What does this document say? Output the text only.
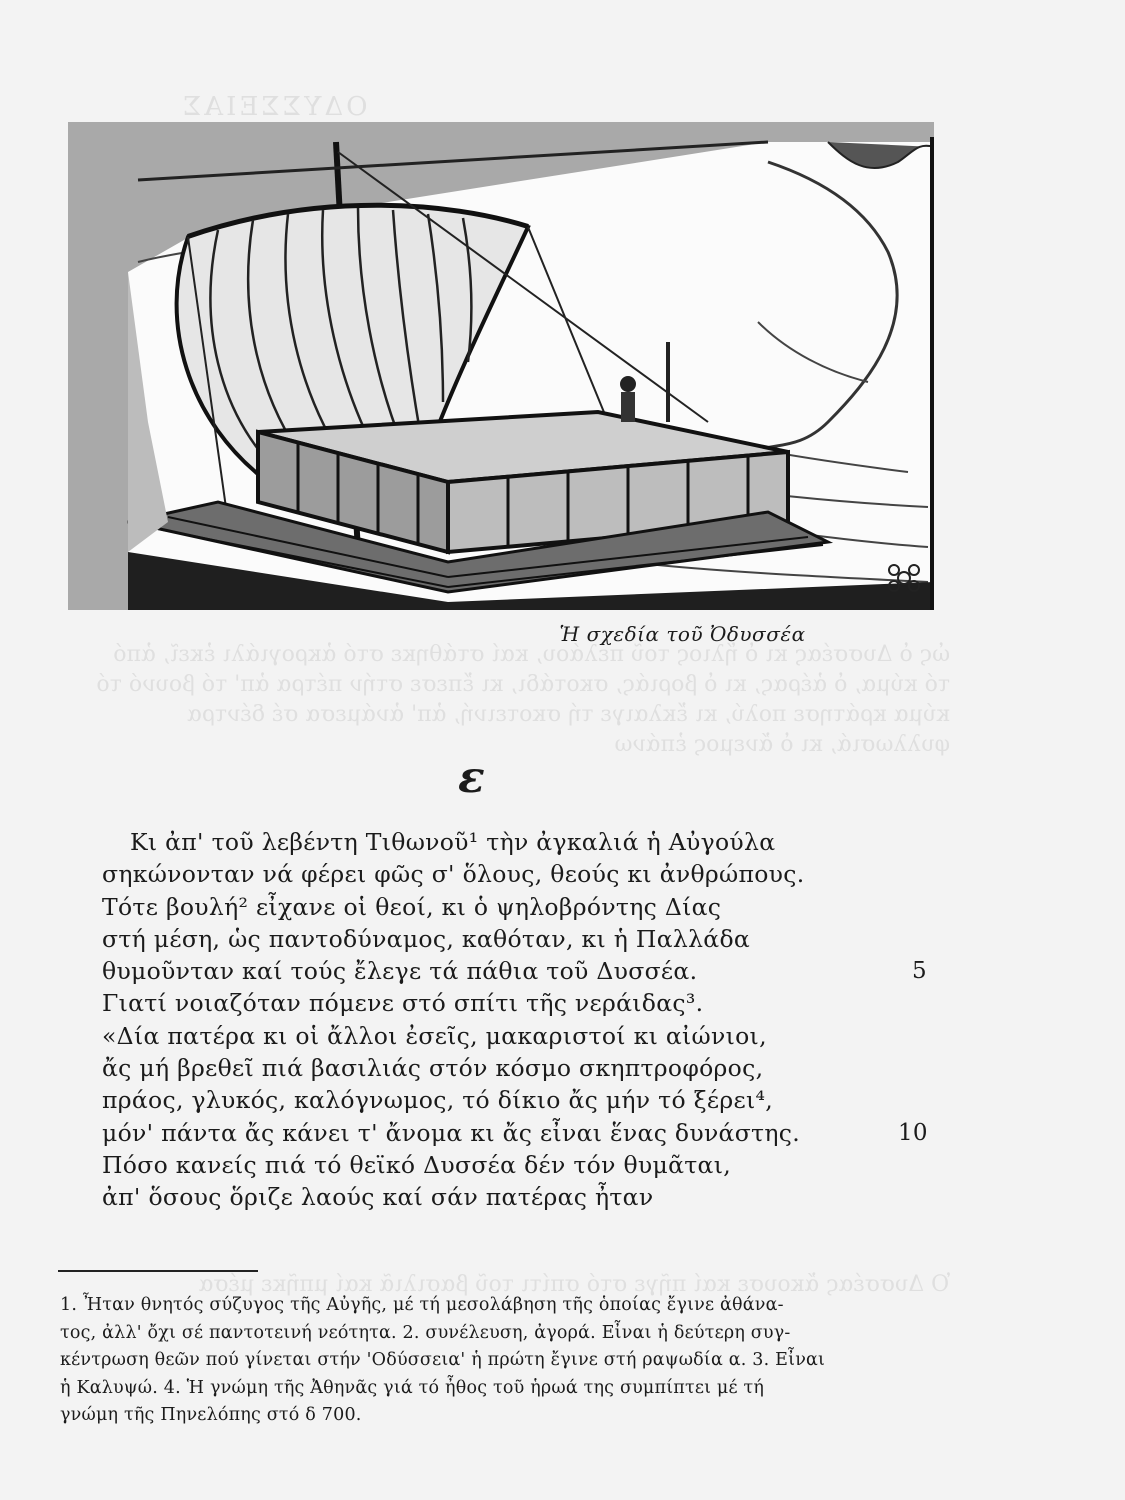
ΟΔΥΣΣΕΙΑΣ
ὡς ὁ Δυσσέας κι ὁ ἥλιος τοῦ πελάου, καί στάθηκε στό ἀκρογιάλι ἐκεῖ, ἀπό τό κύμα, ὁ ἀέρας, κι ὁ βοριάς, σκοτάδι, κι ἔπεσε στήν πέτρα ἀπ' τό βουνό τό κύμα κράτησε πολύ, κι ἔκλαιγε τή σκοτεινή, ἀπ' ἀνάμεσα σέ δέντρα φυλλωσιά, κι ὁ ἄνεμος ἐπάνω
Ὁ Δυσσέας ἄκουσε καί πῆγε στό σπίτι τοῦ βασιλιᾶ καί μπῆκε μέσα
Ἡ σχεδία τοῦ Ὀδυσσέα
ε
Κι ἀπ' τοῦ λεβέντη Τιθωνοῦ¹ τὴν ἀγκαλιά ἡ Αὐγούλα
σηκώνονταν νά φέρει φῶς σ' ὅλους, θεούς κι ἀνθρώπους.
Τότε βουλή² εἶχανε οἱ θεοί, κι ὁ ψηλοβρόντης Δίας
στή μέση, ὡς παντοδύναμος, καθόταν, κι ἡ Παλλάδα
θυμοῦνταν καί τούς ἔλεγε τά πάθια τοῦ Δυσσέα.	5
Γιατί νοιαζόταν πόμενε στό σπίτι τῆς νεράιδας³.
«Δία πατέρα κι οἱ ἄλλοι ἐσεῖς, μακαριστοί κι αἰώνιοι,
ἄς μή βρεθεῖ πιά βασιλιάς στόν κόσμο σκηπτροφόρος,
πράος, γλυκός, καλόγνωμος, τό δίκιο ἄς μήν τό ξέρει⁴,
μόν' πάντα ἄς κάνει τ' ἄνομα κι ἄς εἶναι ἕνας δυνάστης.	10
Πόσο κανείς πιά τό θεϊκό Δυσσέα δέν τόν θυμᾶται,
ἀπ' ὅσους ὅριζε λαούς καί σάν πατέρας ἦταν
1. Ἦταν θνητός σύζυγος τῆς Αὐγῆς, μέ τή μεσολάβηση τῆς ὁποίας ἔγινε ἀθάνα-
τος, ἀλλ' ὄχι σέ παντοτεινή νεότητα. 2. συνέλευση, ἀγορά. Εἶναι ἡ δεύτερη συγ-
κέντρωση θεῶν πού γίνεται στήν 'Οδύσσεια' ἡ πρώτη ἔγινε στή ραψωδία α. 3. Εἶναι
ἡ Καλυψώ. 4. Ἡ γνώμη τῆς Ἀθηνᾶς γιά τό ἦθος τοῦ ἡρωά της συμπίπτει μέ τή
γνώμη τῆς Πηνελόπης στό δ 700.
